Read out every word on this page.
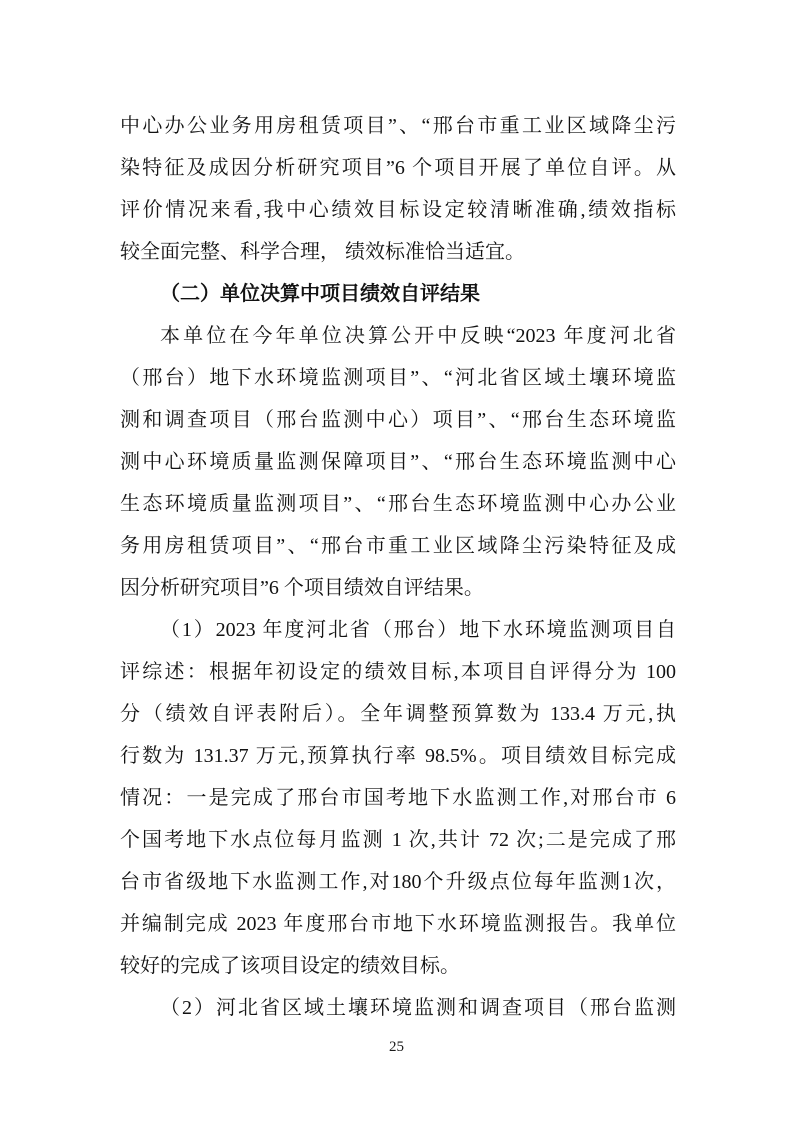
中心办公业务用房租赁项目”、“邢台市重工业区域降尘污
染特征及成因分析研究项目”6 个项目开展了单位自评。从
评价情况来看,我中心绩效目标设定较清晰准确,绩效指标
较全面完整、科学合理， 绩效标准恰当适宜。
（二）单位决算中项目绩效自评结果
本单位在今年单位决算公开中反映“2023 年度河北省
（邢台）地下水环境监测项目”、“河北省区域土壤环境监
测和调查项目（邢台监测中心）项目”、“邢台生态环境监
测中心环境质量监测保障项目”、“邢台生态环境监测中心
生态环境质量监测项目”、“邢台生态环境监测中心办公业
务用房租赁项目”、“邢台市重工业区域降尘污染特征及成
因分析研究项目”6 个项目绩效自评结果。
（1）2023 年度河北省（邢台）地下水环境监测项目自
评综述：根据年初设定的绩效目标,本项目自评得分为 100
分（绩效自评表附后）。全年调整预算数为 133.4 万元,执
行数为 131.37 万元,预算执行率 98.5%。项目绩效目标完成
情况：一是完成了邢台市国考地下水监测工作,对邢台市 6
个国考地下水点位每月监测 1 次,共计 72 次;二是完成了邢
台市省级地下水监测工作,对180个升级点位每年监测1次，
并编制完成 2023 年度邢台市地下水环境监测报告。我单位
较好的完成了该项目设定的绩效目标。
（2）河北省区域土壤环境监测和调查项目（邢台监测
25
